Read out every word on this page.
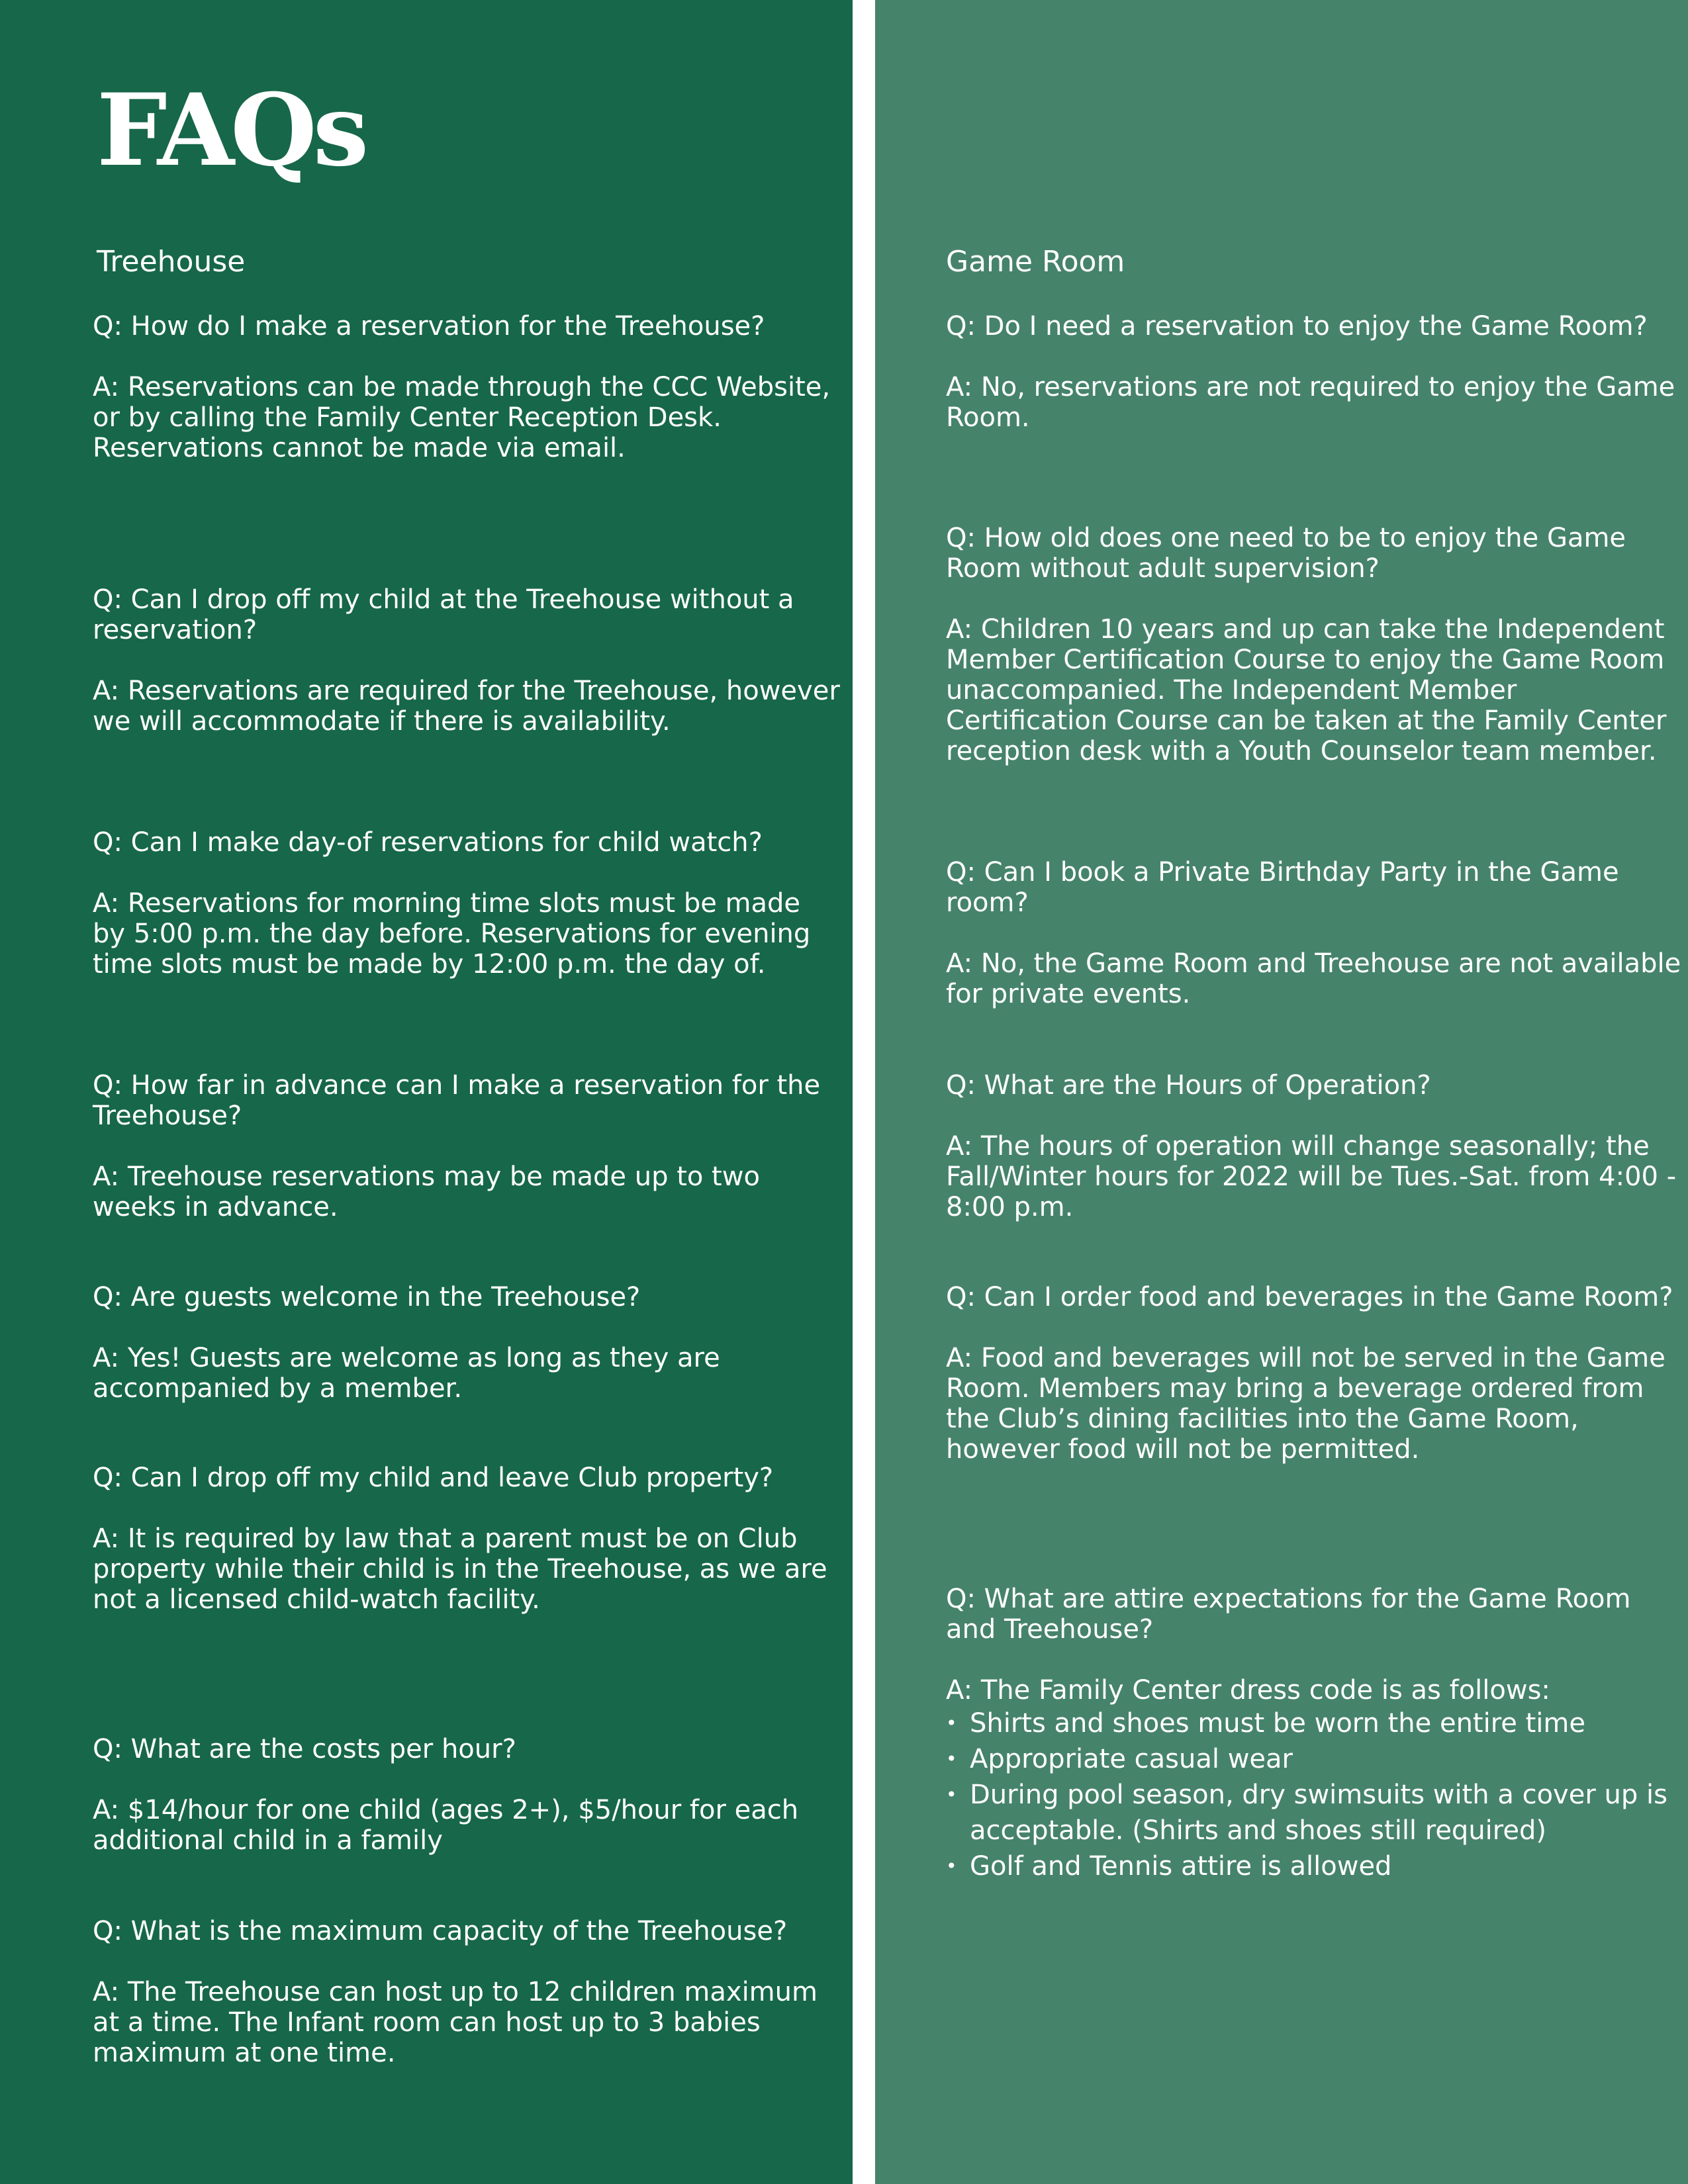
FAQs
Treehouse

Q: How do I make a reservation for the Treehouse?

A: Reservations can be made through the CCC Website, or by calling the Family Center Reception Desk. Reservations cannot be made via email.

Q: Can I drop off my child at the Treehouse without a reservation?

A: Reservations are required for the Treehouse, however we will accommodate if there is availability.

Q: Can I make day-of reservations for child watch?

A: Reservations for morning time slots must be made by 5:00 p.m. the day before. Reservations for evening time slots must be made by 12:00 p.m. the day of.

Q: How far in advance can I make a reservation for the Treehouse?

A: Treehouse reservations may be made up to two weeks in advance.

Q: Are guests welcome in the Treehouse?

A: Yes! Guests are welcome as long as they are accompanied by a member.

Q: Can I drop off my child and leave Club property?

A: It is required by law that a parent must be on Club property while their child is in the Treehouse, as we are not a licensed child-watch facility.

Q: What are the costs per hour?

A: $14/hour for one child (ages 2+), $5/hour for each additional child in a family

Q: What is the maximum capacity of the Treehouse?

A: The Treehouse can host up to 12 children maximum at a time. The Infant room can host up to 3 babies maximum at one time.

Game Room

Q: Do I need a reservation to enjoy the Game Room?

A: No, reservations are not required to enjoy the Game Room.

Q: How old does one need to be to enjoy the Game Room without adult supervision?

A: Children 10 years and up can take the Independent Member Certification Course to enjoy the Game Room unaccompanied. The Independent Member Certification Course can be taken at the Family Center reception desk with a Youth Counselor team member.

Q: Can I book a Private Birthday Party in the Game room?

A: No, the Game Room and Treehouse are not available for private events.

Q: What are the Hours of Operation?

A: The hours of operation will change seasonally; the Fall/Winter hours for 2022 will be Tues.-Sat. from 4:00 - 8:00 p.m.

Q: Can I order food and beverages in the Game Room?

A: Food and beverages will not be served in the Game Room. Members may bring a beverage ordered from the Club’s dining facilities into the Game Room, however food will not be permitted.

Q: What are attire expectations for the Game Room and Treehouse?

A: The Family Center dress code is as follows:

• Shirts and shoes must be worn the entire time
• Appropriate casual wear
• During pool season, dry swimsuits with a cover up is acceptable. (Shirts and shoes still required)
• Golf and Tennis attire is allowed
